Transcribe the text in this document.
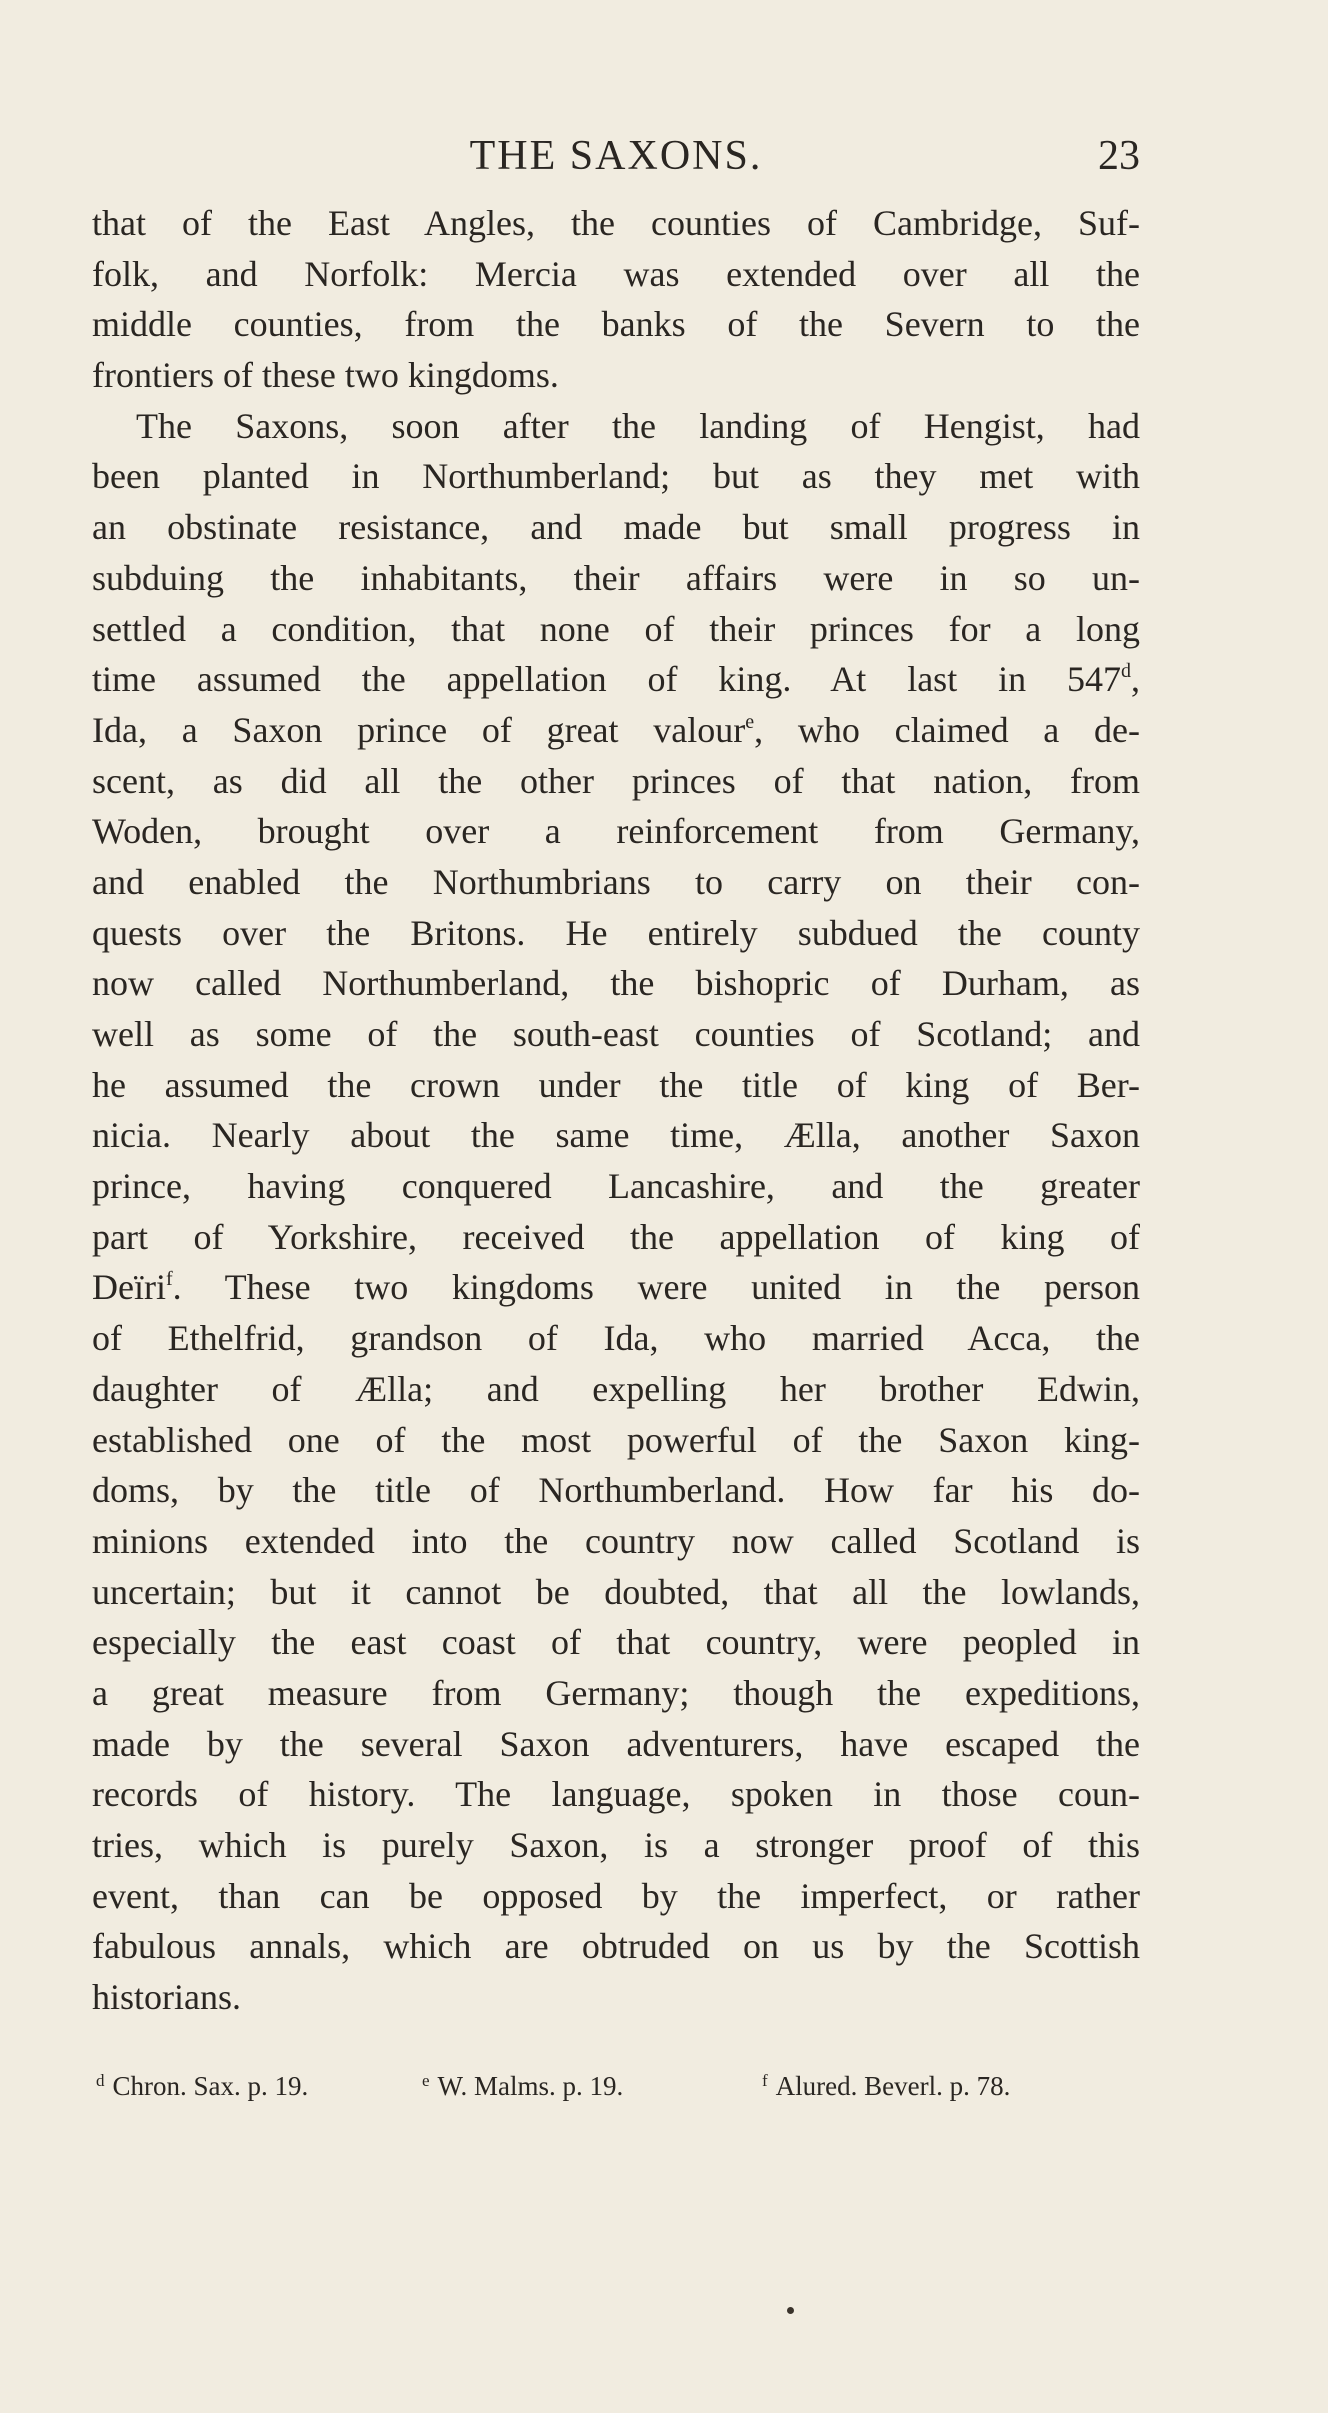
THE SAXONS.	23
that of the East Angles, the counties of Cambridge, Suf-
folk, and Norfolk: Mercia was extended over all the
middle counties, from the banks of the Severn to the
frontiers of these two kingdoms.
The Saxons, soon after the landing of Hengist, had
been planted in Northumberland; but as they met with
an obstinate resistance, and made but small progress in
subduing the inhabitants, their affairs were in so un-
settled a condition, that none of their princes for a long
time assumed the appellation of king. At last in 547$^d$,
Ida, a Saxon prince of great valour$^e$, who claimed a de-
scent, as did all the other princes of that nation, from
Woden, brought over a reinforcement from Germany,
and enabled the Northumbrians to carry on their con-
quests over the Britons. He entirely subdued the county
now called Northumberland, the bishopric of Durham, as
well as some of the south-east counties of Scotland; and
he assumed the crown under the title of king of Ber-
nicia. Nearly about the same time, Ælla, another Saxon
prince, having conquered Lancashire, and the greater
part of Yorkshire, received the appellation of king of
Deïri$^f$. These two kingdoms were united in the person
of Ethelfrid, grandson of Ida, who married Acca, the
daughter of Ælla; and expelling her brother Edwin,
established one of the most powerful of the Saxon king-
doms, by the title of Northumberland. How far his do-
minions extended into the country now called Scotland is
uncertain; but it cannot be doubted, that all the lowlands,
especially the east coast of that country, were peopled in
a great measure from Germany; though the expeditions,
made by the several Saxon adventurers, have escaped the
records of history. The language, spoken in those coun-
tries, which is purely Saxon, is a stronger proof of this
event, than can be opposed by the imperfect, or rather
fabulous annals, which are obtruded on us by the Scottish
historians.
$^d$ Chron. Sax. p. 19.	$^e$ W. Malms. p. 19.	$^f$ Alured. Beverl. p. 78.
